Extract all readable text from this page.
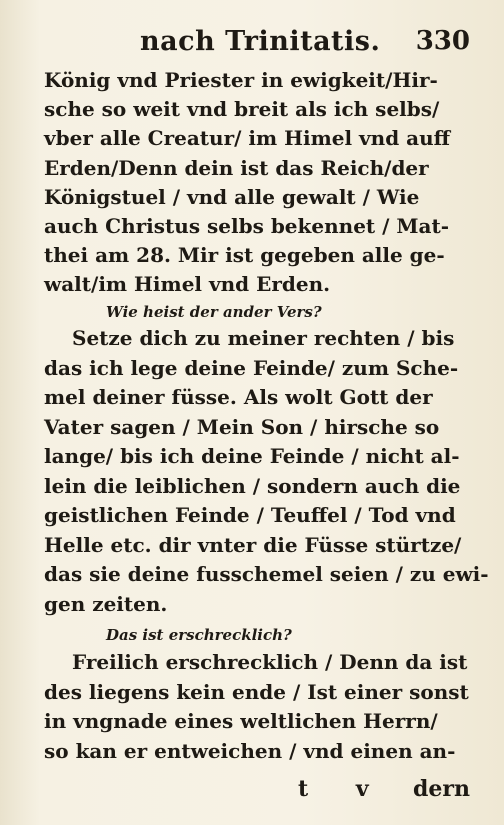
nach Trinitatis. 330
König vnd Priester in ewigkeit/Hir-
sche so weit vnd breit als ich selbs/
vber alle Creatur/ im Himel vnd auff
Erden/Denn dein ist das Reich/der
Königstuel / vnd alle gewalt / Wie
auch Christus selbs bekennet / Mat-
thei am 28. Mir ist gegeben alle ge-
walt/im Himel vnd Erden.
Wie heist der ander Vers?
Setze dich zu meiner rechten / bis
das ich lege deine Feinde/ zum Sche-
mel deiner füsse. Als wolt Gott der
Vater sagen / Mein Son / hirsche so
lange/ bis ich deine Feinde / nicht al-
lein die leiblichen / sondern auch die
geistlichen Feinde / Teuffel / Tod vnd
Helle etc. dir vnter die Füsse stürtze/
das sie deine fusschemel seien / zu ewi-
gen zeiten.
Das ist erschrecklich?
Freilich erschrecklich / Denn da ist
des liegens kein ende / Ist einer sonst
in vngnade eines weltlichen Herrn/
so kan er entweichen / vnd einen an-
t v dern
